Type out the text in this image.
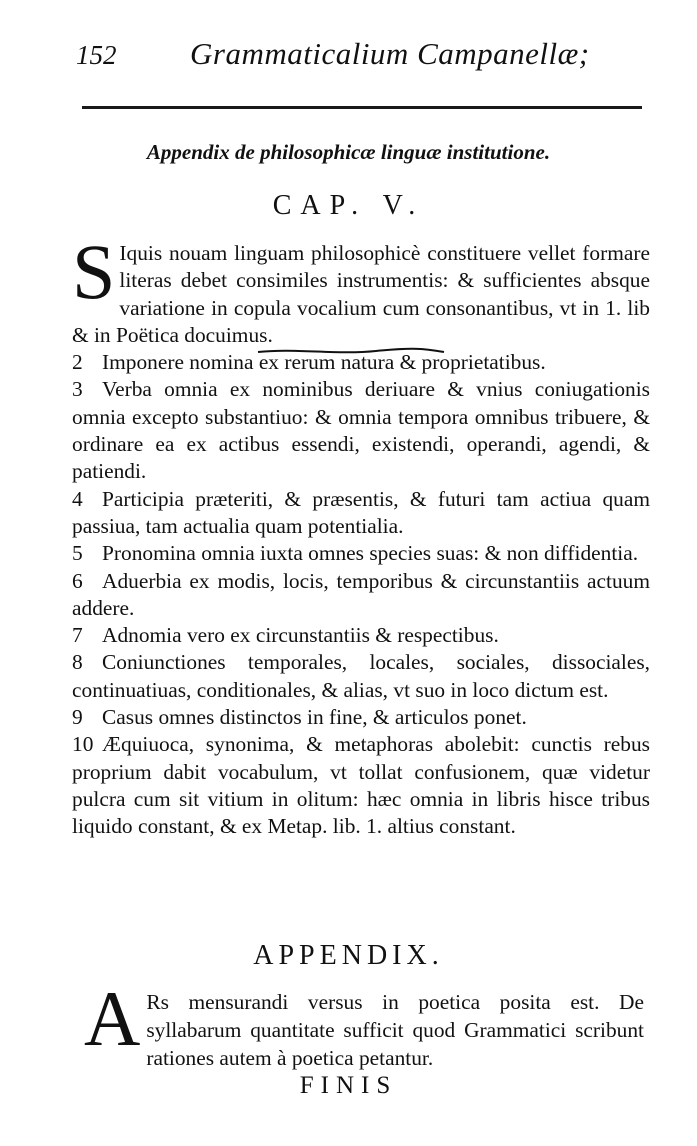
152 Grammaticalium Campanellæ;
Appendix de philosophicæ linguæ institutione.
CAP. V.

S Iquis nouam linguam philosophicè constituere vellet formare literas debet consimiles instrumentis: & sufficientes absque variatione in copula vocalium cum consonantibus, vt in 1. lib & in Poëtica docuimus.

2 Imponere nomina ex rerum natura & proprietatibus.

3 Verba omnia ex nominibus deriuare & vnius coniugationis omnia excepto substantiuo: & omnia tempora omnibus tribuere, & ordinare ea ex actibus essendi, existendi, operandi, agendi, & patiendi.

4 Participia præteriti, & præsentis, & futuri tam actiua quam passiua, tam actualia quam potentialia.

5 Pronomina omnia iuxta omnes species suas: & non diffidentia.

6 Aduerbia ex modis, locis, temporibus & circunstantiis actuum addere.

7 Adnomia vero ex circunstantiis & respectibus.

8 Coniunctiones temporales, locales, sociales, dissociales, continuatiuas, conditionales, & alias, vt suo in loco dictum est.

9 Casus omnes distinctos in fine, & articulos ponet.

10 Æquiuoca, synonima, & metaphoras abolebit: cunctis rebus proprium dabit vocabulum, vt tollat confusionem, quæ videtur pulcra cum sit vitium in olitum: hæc omnia in libris hisce tribus liquido constant, & ex Metap. lib. 1. altius constant.

APPENDIX.
A Rs mensurandi versus in poetica posita est. De syllabarum quantitate sufficit quod Grammatici scribunt rationes autem à poetica petantur.
FINIS
